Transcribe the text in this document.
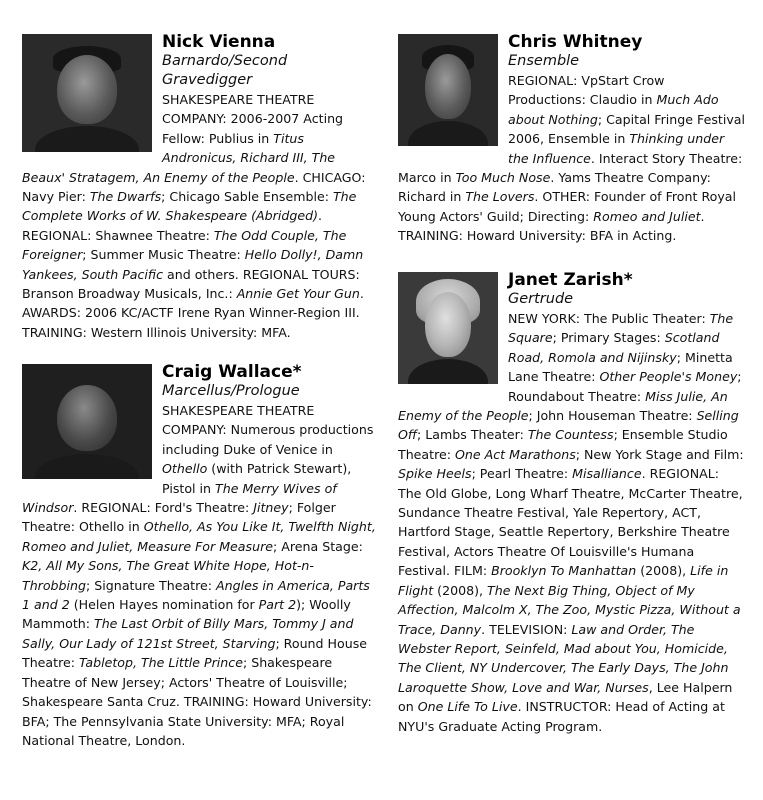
Nick Vienna
Barnardo/Second Gravedigger
SHAKESPEARE THEATRE COMPANY: 2006-2007 Acting Fellow: Publius in Titus Andronicus, Richard III, The Beaux' Stratagem, An Enemy of the People. CHICAGO: Navy Pier: The Dwarfs; Chicago Sable Ensemble: The Complete Works of W. Shakespeare (Abridged). REGIONAL: Shawnee Theatre: The Odd Couple, The Foreigner; Summer Music Theatre: Hello Dolly!, Damn Yankees, South Pacific and others. REGIONAL TOURS: Branson Broadway Musicals, Inc.: Annie Get Your Gun. AWARDS: 2006 KC/ACTF Irene Ryan Winner-Region III. TRAINING: Western Illinois University: MFA.
Craig Wallace*
Marcellus/Prologue
SHAKESPEARE THEATRE COMPANY: Numerous productions including Duke of Venice in Othello (with Patrick Stewart), Pistol in The Merry Wives of Windsor. REGIONAL: Ford's Theatre: Jitney; Folger Theatre: Othello in Othello, As You Like It, Twelfth Night, Romeo and Juliet, Measure For Measure; Arena Stage: K2, All My Sons, The Great White Hope, Hot-n-Throbbing; Signature Theatre: Angles in America, Parts 1 and 2 (Helen Hayes nomination for Part 2); Woolly Mammoth: The Last Orbit of Billy Mars, Tommy J and Sally, Our Lady of 121st Street, Starving; Round House Theatre: Tabletop, The Little Prince; Shakespeare Theatre of New Jersey; Actors' Theatre of Louisville; Shakespeare Santa Cruz. TRAINING: Howard University: BFA; The Pennsylvania State University: MFA; Royal National Theatre, London.
Chris Whitney
Ensemble
REGIONAL: VpStart Crow Productions: Claudio in Much Ado about Nothing; Capital Fringe Festival 2006, Ensemble in Thinking under the Influence. Interact Story Theatre: Marco in Too Much Nose. Yams Theatre Company: Richard in The Lovers. OTHER: Founder of Front Royal Young Actors' Guild; Directing: Romeo and Juliet. TRAINING: Howard University: BFA in Acting.
Janet Zarish*
Gertrude
NEW YORK: The Public Theater: The Square; Primary Stages: Scotland Road, Romola and Nijinsky; Minetta Lane Theatre: Other People's Money; Roundabout Theatre: Miss Julie, An Enemy of the People; John Houseman Theatre: Selling Off; Lambs Theater: The Countess; Ensemble Studio Theatre: One Act Marathons; New York Stage and Film: Spike Heels; Pearl Theatre: Misalliance. REGIONAL: The Old Globe, Long Wharf Theatre, McCarter Theatre, Sundance Theatre Festival, Yale Repertory, ACT, Hartford Stage, Seattle Repertory, Berkshire Theatre Festival, Actors Theatre Of Louisville's Humana Festival. FILM: Brooklyn To Manhattan (2008), Life in Flight (2008), The Next Big Thing, Object of My Affection, Malcolm X, The Zoo, Mystic Pizza, Without a Trace, Danny. TELEVISION: Law and Order, The Webster Report, Seinfeld, Mad about You, Homicide, The Client, NY Undercover, The Early Days, The John Laroquette Show, Love and War, Nurses, Lee Halpern on One Life To Live. INSTRUCTOR: Head of Acting at NYU's Graduate Acting Program.
